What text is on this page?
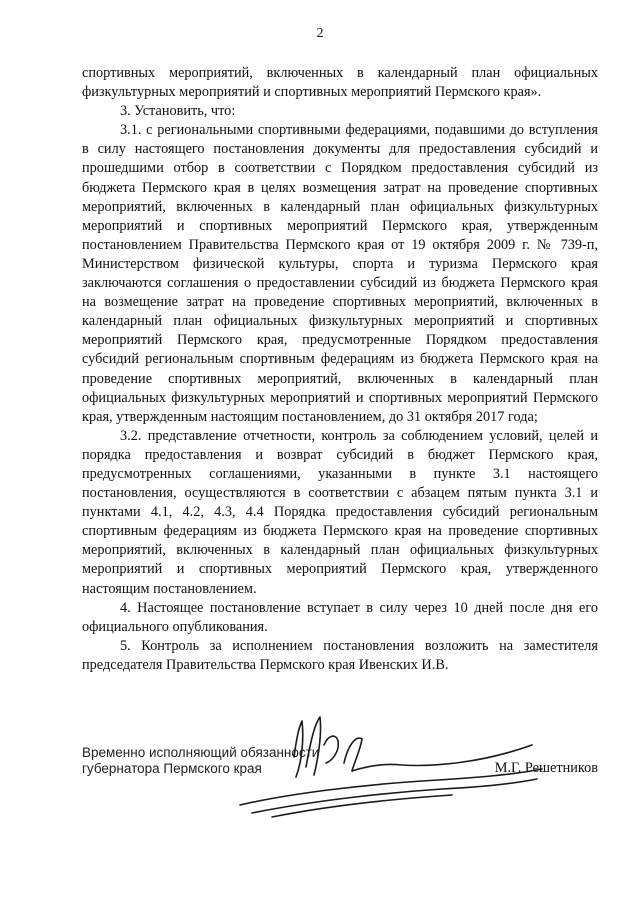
2

спортивных мероприятий, включенных в календарный план официальных физкультурных мероприятий и спортивных мероприятий Пермского края».

3. Установить, что:

3.1. с региональными спортивными федерациями, подавшими до вступления в силу настоящего постановления документы для предоставления субсидий и прошедшими отбор в соответствии с Порядком предоставления субсидий из бюджета Пермского края в целях возмещения затрат на проведение спортивных мероприятий, включенных в календарный план официальных физкультурных мероприятий и спортивных мероприятий Пермского края, утвержденным постановлением Правительства Пермского края от 19 октября 2009 г. № 739-п, Министерством физической культуры, спорта и туризма Пермского края заключаются соглашения о предоставлении субсидий из бюджета Пермского края на возмещение затрат на проведение спортивных мероприятий, включенных в календарный план официальных физкультурных мероприятий и спортивных мероприятий Пермского края, предусмотренные Порядком предоставления субсидий региональным спортивным федерациям из бюджета Пермского края на проведение спортивных мероприятий, включенных в календарный план официальных физкультурных мероприятий и спортивных мероприятий Пермского края, утвержденным настоящим постановлением, до 31 октября 2017 года;

3.2. представление отчетности, контроль за соблюдением условий, целей и порядка предоставления и возврат субсидий в бюджет Пермского края, предусмотренных соглашениями, указанными в пункте 3.1 настоящего постановления, осуществляются в соответствии с абзацем пятым пункта 3.1 и пунктами 4.1, 4.2, 4.3, 4.4 Порядка предоставления субсидий региональным спортивным федерациям из бюджета Пермского края на проведение спортивных мероприятий, включенных в календарный план официальных физкультурных мероприятий и спортивных мероприятий Пермского края, утвержденного настоящим постановлением.

4. Настоящее постановление вступает в силу через 10 дней после дня его официального опубликования.

5. Контроль за исполнением постановления возложить на заместителя председателя Правительства Пермского края Ивенских И.В.

Временно исполняющий обязанности
губернатора Пермского края	М.Г. Решетников
